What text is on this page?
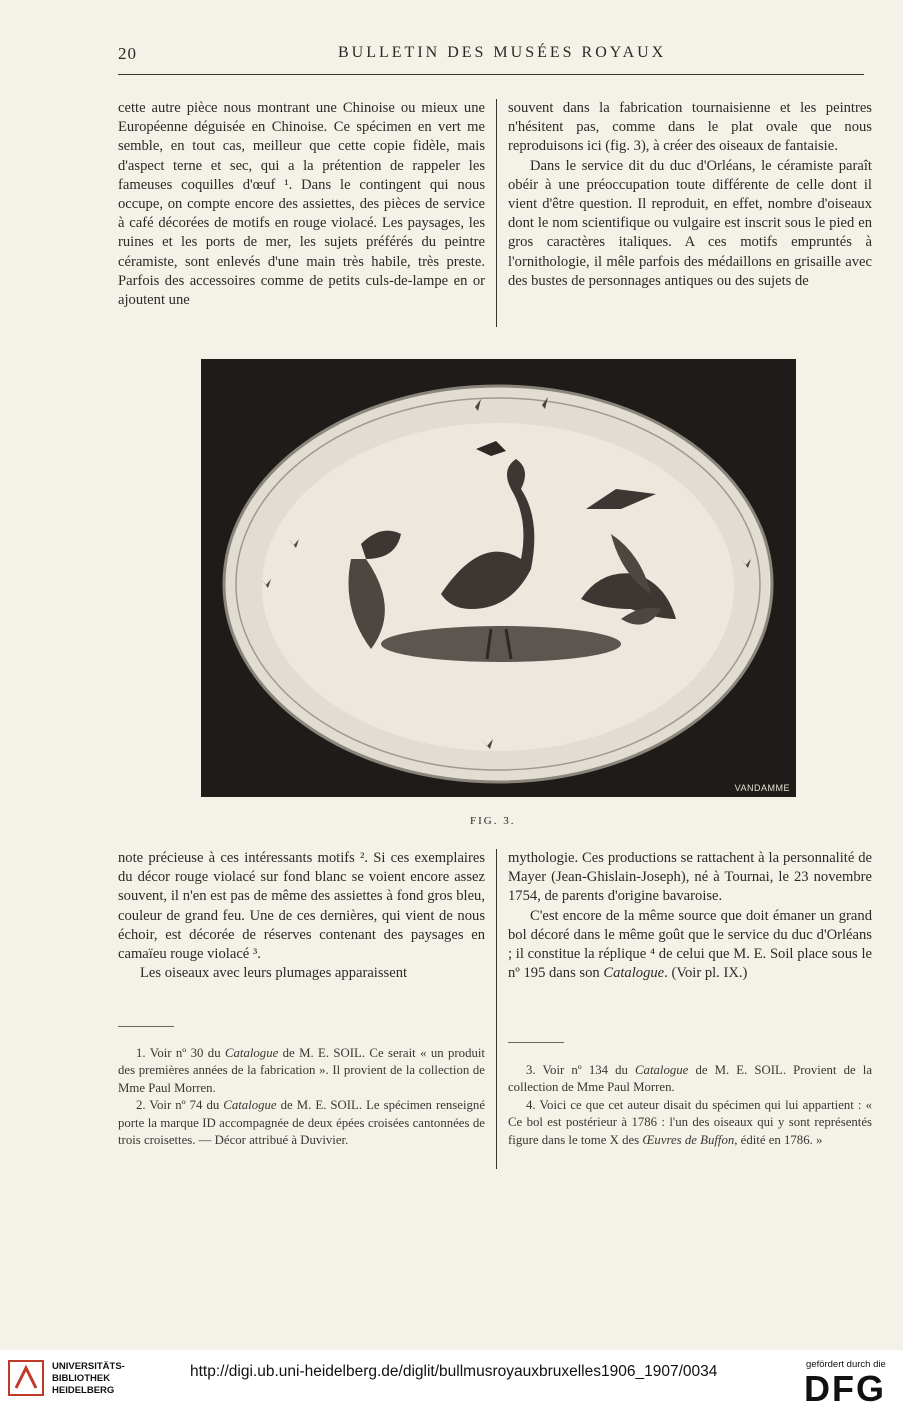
20	BULLETIN DES MUSÉES ROYAUX

cette autre pièce nous montrant une Chinoise ou mieux une Européenne déguisée en Chinoise. Ce spécimen en vert me semble, en tout cas, meilleur que cette copie fidèle, mais d'aspect terne et sec, qui a la prétention de rappeler les fameuses coquilles d'œuf ¹. Dans le contingent qui nous occupe, on compte encore des assiettes, des pièces de service à café décorées de motifs en rouge violacé. Les paysages, les ruines et les ports de mer, les sujets préférés du peintre céramiste, sont enlevés d'une main très habile, très preste. Parfois des accessoires comme de petits culs-de-lampe en or ajoutent une

souvent dans la fabrication tournaisienne et les peintres n'hésitent pas, comme dans le plat ovale que nous reproduisons ici (fig. 3), à créer des oiseaux de fantaisie.

Dans le service dit du duc d'Orléans, le céramiste paraît obéir à une préoccupation toute différente de celle dont il vient d'être question. Il reproduit, en effet, nombre d'oiseaux dont le nom scientifique ou vulgaire est inscrit sous le pied en gros caractères italiques. A ces motifs empruntés à l'ornithologie, il mêle parfois des médaillons en grisaille avec des bustes de personnages antiques ou des sujets de

VANDAMME
FIG. 3.

note précieuse à ces intéressants motifs ². Si ces exemplaires du décor rouge violacé sur fond blanc se voient encore assez souvent, il n'en est pas de même des assiettes à fond gros bleu, couleur de grand feu. Une de ces dernières, qui vient de nous échoir, est décorée de réserves contenant des paysages en camaïeu rouge violacé ³.

Les oiseaux avec leurs plumages apparaissent

mythologie. Ces productions se rattachent à la personnalité de Mayer (Jean-Ghislain-Joseph), né à Tournai, le 23 novembre 1754, de parents d'origine bavaroise.

C'est encore de la même source que doit émaner un grand bol décoré dans le même goût que le service du duc d'Orléans ; il constitue la réplique ⁴ de celui que M. E. Soil place sous le nº 195 dans son Catalogue. (Voir pl. IX.)

1. Voir nº 30 du Catalogue de M. E. SOIL. Ce serait « un produit des premières années de la fabrication ». Il provient de la collection de Mme Paul Morren.

2. Voir nº 74 du Catalogue de M. E. SOIL. Le spécimen renseigné porte la marque ID accompagnée de deux épées croisées cantonnées de trois croisettes. — Décor attribué à Duvivier.

3. Voir nº 134 du Catalogue de M. E. SOIL. Provient de la collection de Mme Paul Morren.

4. Voici ce que cet auteur disait du spécimen qui lui appartient : « Ce bol est postérieur à 1786 : l'un des oiseaux qui y sont représentés figure dans le tome X des Œuvres de Buffon, édité en 1786. »

UNIVERSITÄTS-
BIBLIOTHEK
HEIDELBERG
http://digi.ub.uni-heidelberg.de/diglit/bullmusroyauxbruxelles1906_1907/0034	gefördert durch die
DFG
